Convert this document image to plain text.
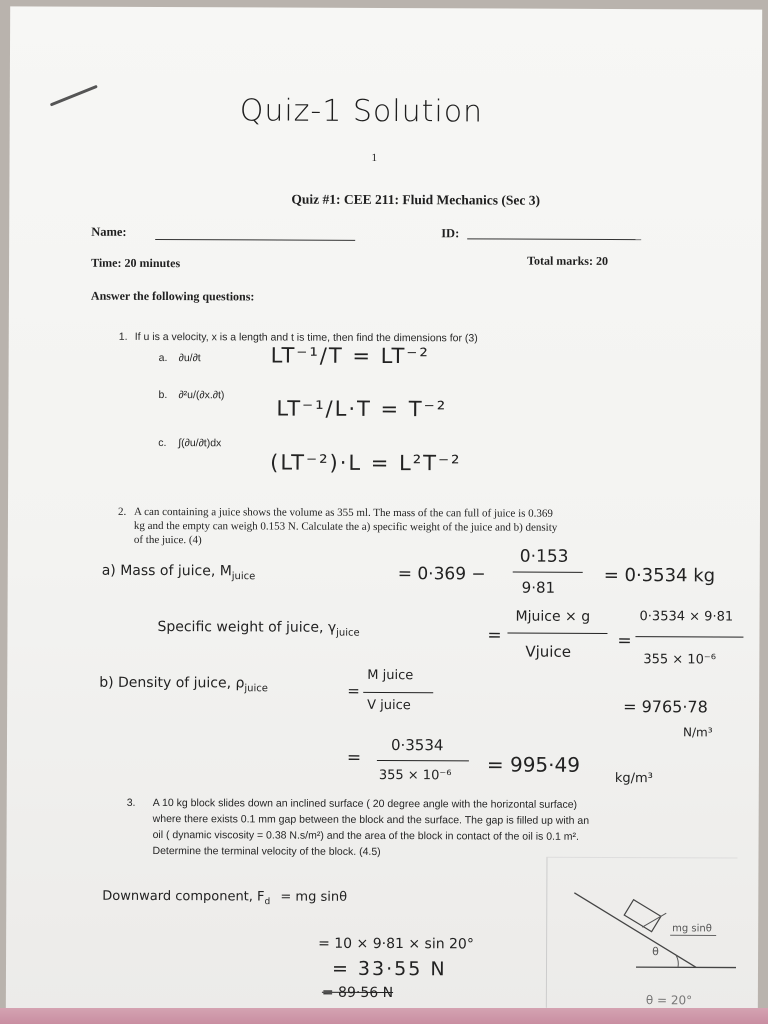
Quiz-1 Solution
1
Quiz #1: CEE 211: Fluid Mechanics (Sec 3)
Name:	ID:
Time: 20 minutes	Total marks: 20
Answer the following questions:
1. If u is a velocity, x is a length and t is time, then find the dimensions for (3)
a. ∂u/∂t	LT⁻¹/T = LT⁻²
b. ∂²u/(∂x.∂t)
LT⁻¹/L·T = T⁻²
c. ∫(∂u/∂t)dx
(LT⁻²)·L = L²T⁻²
2. A can containing a juice shows the volume as 355 ml. The mass of the can full of juice is 0.369
kg and the empty can weigh 0.153 N. Calculate the a) specific weight of the juice and b) density
of the juice. (4)
a) Mass of juice, $M_{juice}$	= 0·369 −
0·153
9·81
= 0·3534 kg
Specific weight of juice, $\gamma_{juice}$	=
Mjuice × g
Vjuice
=
0·3534 × 9·81
355 × 10⁻⁶
= 9765·78
N/m³
b) Density of juice, $\rho_{juice}$	=
M juice
V juice
=
0·3534
355 × 10⁻⁶ = 995·49
kg/m³
3. A 10 kg block slides down an inclined surface ( 20 degree angle with the horizontal surface)
where there exists 0.1 mm gap between the block and the surface. The gap is filled up with an
oil ( dynamic viscosity = 0.38 N.s/m²) and the area of the block in contact of the oil is 0.1 m².
Determine the terminal velocity of the block. (4.5)
Downward component, $F_d$ = mg sinθ
= 10 × 9·81 × sin 20°
= 33·55 N
= 89·56 N
mg sinθ
θ
θ = 20°
